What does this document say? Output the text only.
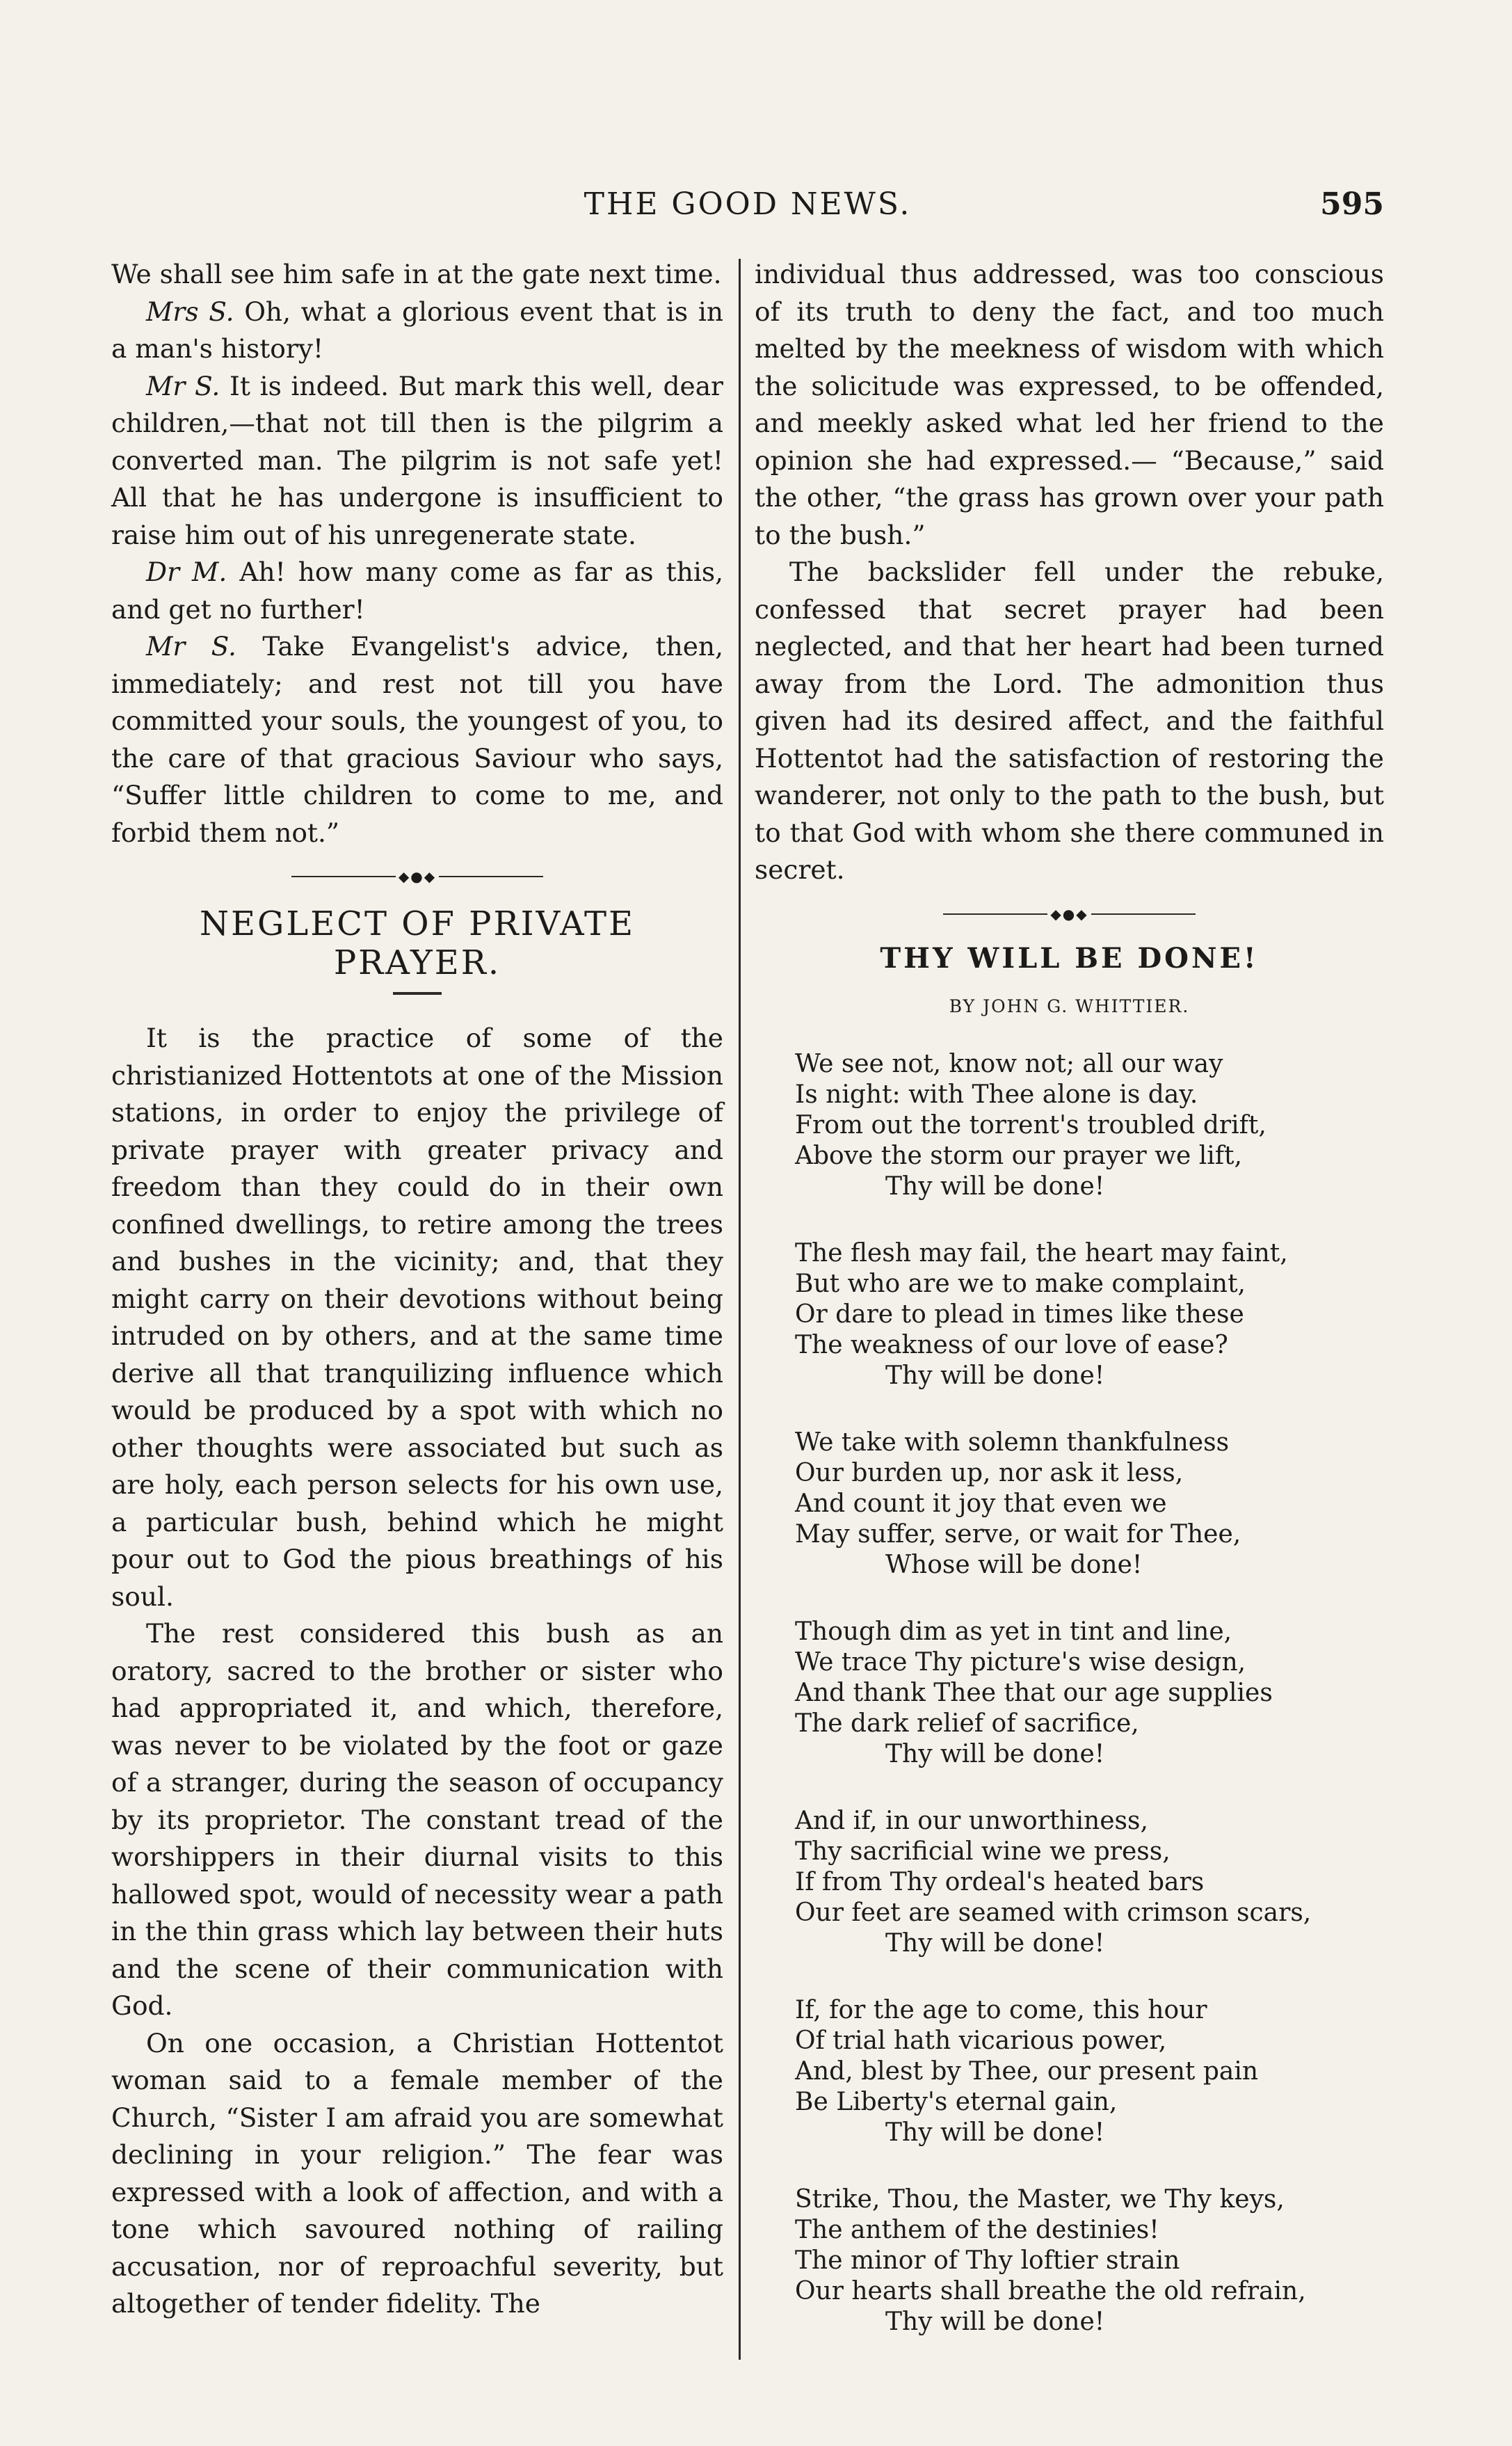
THE GOOD NEWS.	595

We shall see him safe in at the gate next time.

Mrs S. Oh, what a glorious event that is in a man's history!

Mr S. It is indeed. But mark this well, dear children,—that not till then is the pilgrim a converted man. The pilgrim is not safe yet! All that he has undergone is insufficient to raise him out of his unregenerate state.

Dr M. Ah! how many come as far as this, and get no further!

Mr S. Take Evangelist's advice, then, immediately; and rest not till you have committed your souls, the youngest of you, to the care of that gracious Saviour who says, “Suffer little children to come to me, and forbid them not.”

◆●◆
NEGLECT OF PRIVATE PRAYER.

It is the practice of some of the christianized Hottentots at one of the Mission stations, in order to enjoy the privilege of private prayer with greater privacy and freedom than they could do in their own confined dwellings, to retire among the trees and bushes in the vicinity; and, that they might carry on their devotions without being intruded on by others, and at the same time derive all that tranquilizing influence which would be produced by a spot with which no other thoughts were associated but such as are holy, each person selects for his own use, a particular bush, behind which he might pour out to God the pious breathings of his soul.

The rest considered this bush as an oratory, sacred to the brother or sister who had appropriated it, and which, therefore, was never to be violated by the foot or gaze of a stranger, during the season of occupancy by its proprietor. The constant tread of the worshippers in their diurnal visits to this hallowed spot, would of necessity wear a path in the thin grass which lay between their huts and the scene of their communication with God.

On one occasion, a Christian Hottentot woman said to a female member of the Church, “Sister I am afraid you are somewhat declining in your religion.” The fear was expressed with a look of affection, and with a tone which savoured nothing of railing accusation, nor of reproachful severity, but altogether of tender fidelity. The

individual thus addressed, was too conscious of its truth to deny the fact, and too much melted by the meekness of wisdom with which the solicitude was expressed, to be offended, and meekly asked what led her friend to the opinion she had expressed.— “Because,” said the other, “the grass has grown over your path to the bush.”

The backslider fell under the rebuke, confessed that secret prayer had been neglected, and that her heart had been turned away from the Lord. The admonition thus given had its desired affect, and the faithful Hottentot had the satisfaction of restoring the wanderer, not only to the path to the bush, but to that God with whom she there communed in secret.

◆●◆
THY WILL BE DONE!
BY JOHN G. WHITTIER.
We see not, know not; all our way
Is night: with Thee alone is day.
From out the torrent's troubled drift,
Above the storm our prayer we lift,
Thy will be done!
The flesh may fail, the heart may faint,
But who are we to make complaint,
Or dare to plead in times like these
The weakness of our love of ease?
Thy will be done!
We take with solemn thankfulness
Our burden up, nor ask it less,
And count it joy that even we
May suffer, serve, or wait for Thee,
Whose will be done!
Though dim as yet in tint and line,
We trace Thy picture's wise design,
And thank Thee that our age supplies
The dark relief of sacrifice,
Thy will be done!
And if, in our unworthiness,
Thy sacrificial wine we press,
If from Thy ordeal's heated bars
Our feet are seamed with crimson scars,
Thy will be done!
If, for the age to come, this hour
Of trial hath vicarious power,
And, blest by Thee, our present pain
Be Liberty's eternal gain,
Thy will be done!
Strike, Thou, the Master, we Thy keys,
The anthem of the destinies!
The minor of Thy loftier strain
Our hearts shall breathe the old refrain,
Thy will be done!
